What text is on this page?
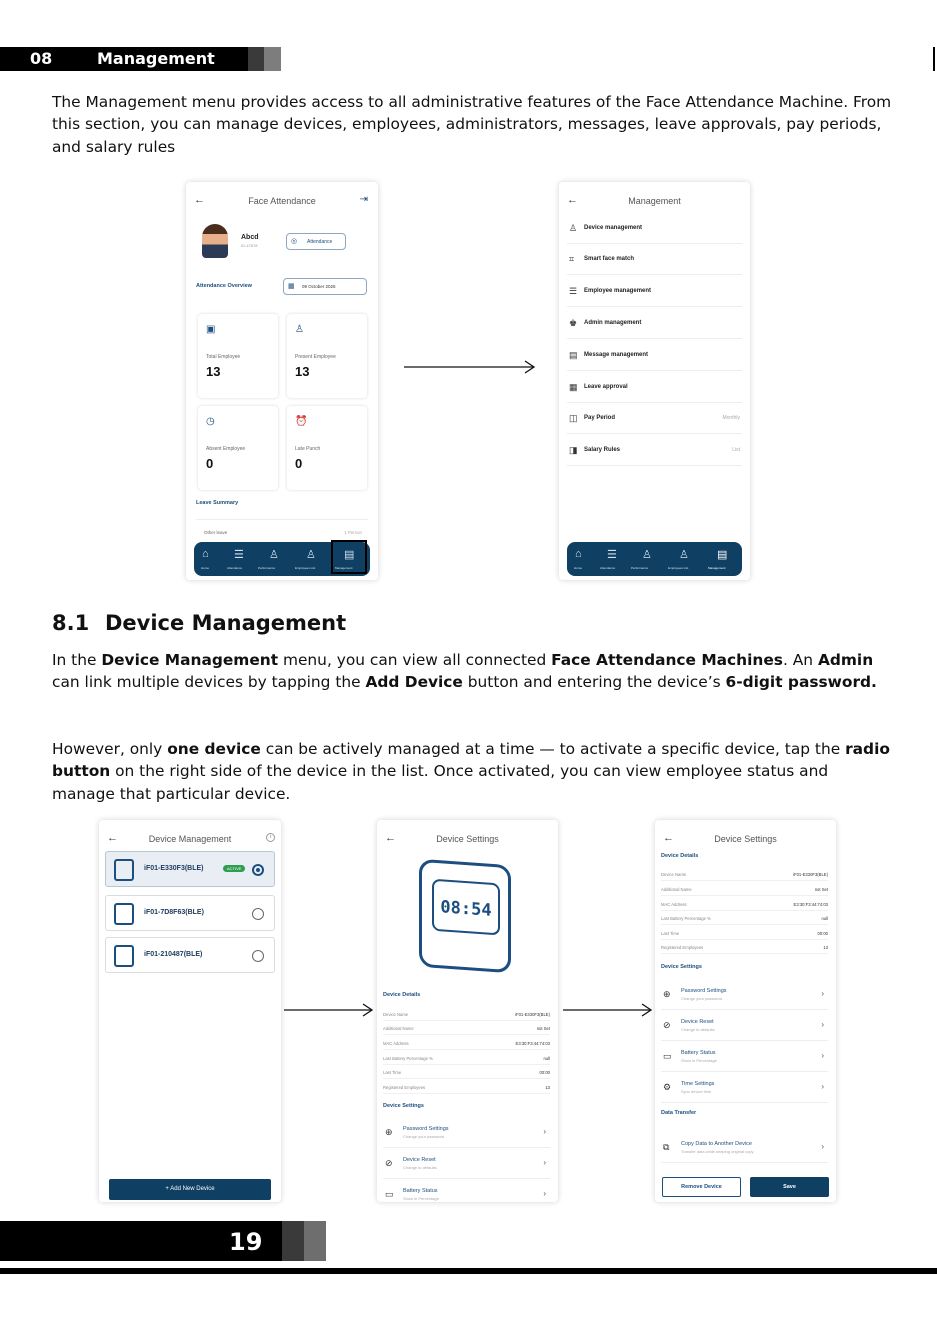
08	Management
The Management menu provides access to all administrative features of the Face Attendance Machine. From this section, you can manage devices, employees, administrators, messages, leave approvals, pay periods, and salary rules
←	Face Attendance	⇥
Abcd
ID-47878
◎ Attendance
Attendance Overview	▦ 09 October 2025
▣
Total Employee
13
♙
Present Employee
13
◷
Absent Employee
0
⏰
Late Punch
0
Leave Summary
Other leave	1 Person
⌂
Home
☰
Attendance
♙
Performance
♙
Employees List
▤
Management
←	Management
♙ Device management
⌗ Smart face match
☰ Employee management
♚ Admin management
▤ Message management
▦ Leave approval
◫ Pay Period	Monthly
◨ Salary Rules	List
⌂
Home
☰
Attendance
♙
Performance
♙
Employees List
▤
Management
8.1 Device Management
In the Device Management menu, you can view all connected Face Attendance Machines. An Admin can link multiple devices by tapping the Add Device button and entering the device’s 6-digit password.
However, only one device can be actively managed at a time — to activate a specific device, tap the radio button on the right side of the device in the list. Once activated, you can view employee status and manage that particular device.
←	Device Management	i
iF01-E330F3(BLE)	ACTIVE
iF01-7D8F63(BLE)
iF01-210487(BLE)
+ Add New Device
←	Device Settings
08:54
Device Details
Device Name	iF01-E330F3(BLE)
Additional Name	not Set
MAC Address	E3:30:F3:44:74:03
Last Battery Percentage %	null
Last Time	00:00
Registered Employees	13
Device Settings
⊕ Password Settings
Change your password
›
⊘ Device Reset
Change to defaults
›
▭ Battery Status
Show in Percentage
›
←	Device Settings
Device Details
Device Name	iF01-E330F3(BLE)
Additional Name	not Set
MAC Address	E3:30:F3:44:74:03
Last Battery Percentage %	null
Last Time	00:00
Registered Employees	13
Device Settings
⊕ Password Settings
Change your password
›
⊘ Device Reset
Change to defaults
›
▭ Battery Status
Show in Percentage
›
⚙ Time Settings
Sync device time
›
Data Transfer
⧉ Copy Data to Another Device
Transfer data while keeping original copy
›
Remove Device	Save
19
